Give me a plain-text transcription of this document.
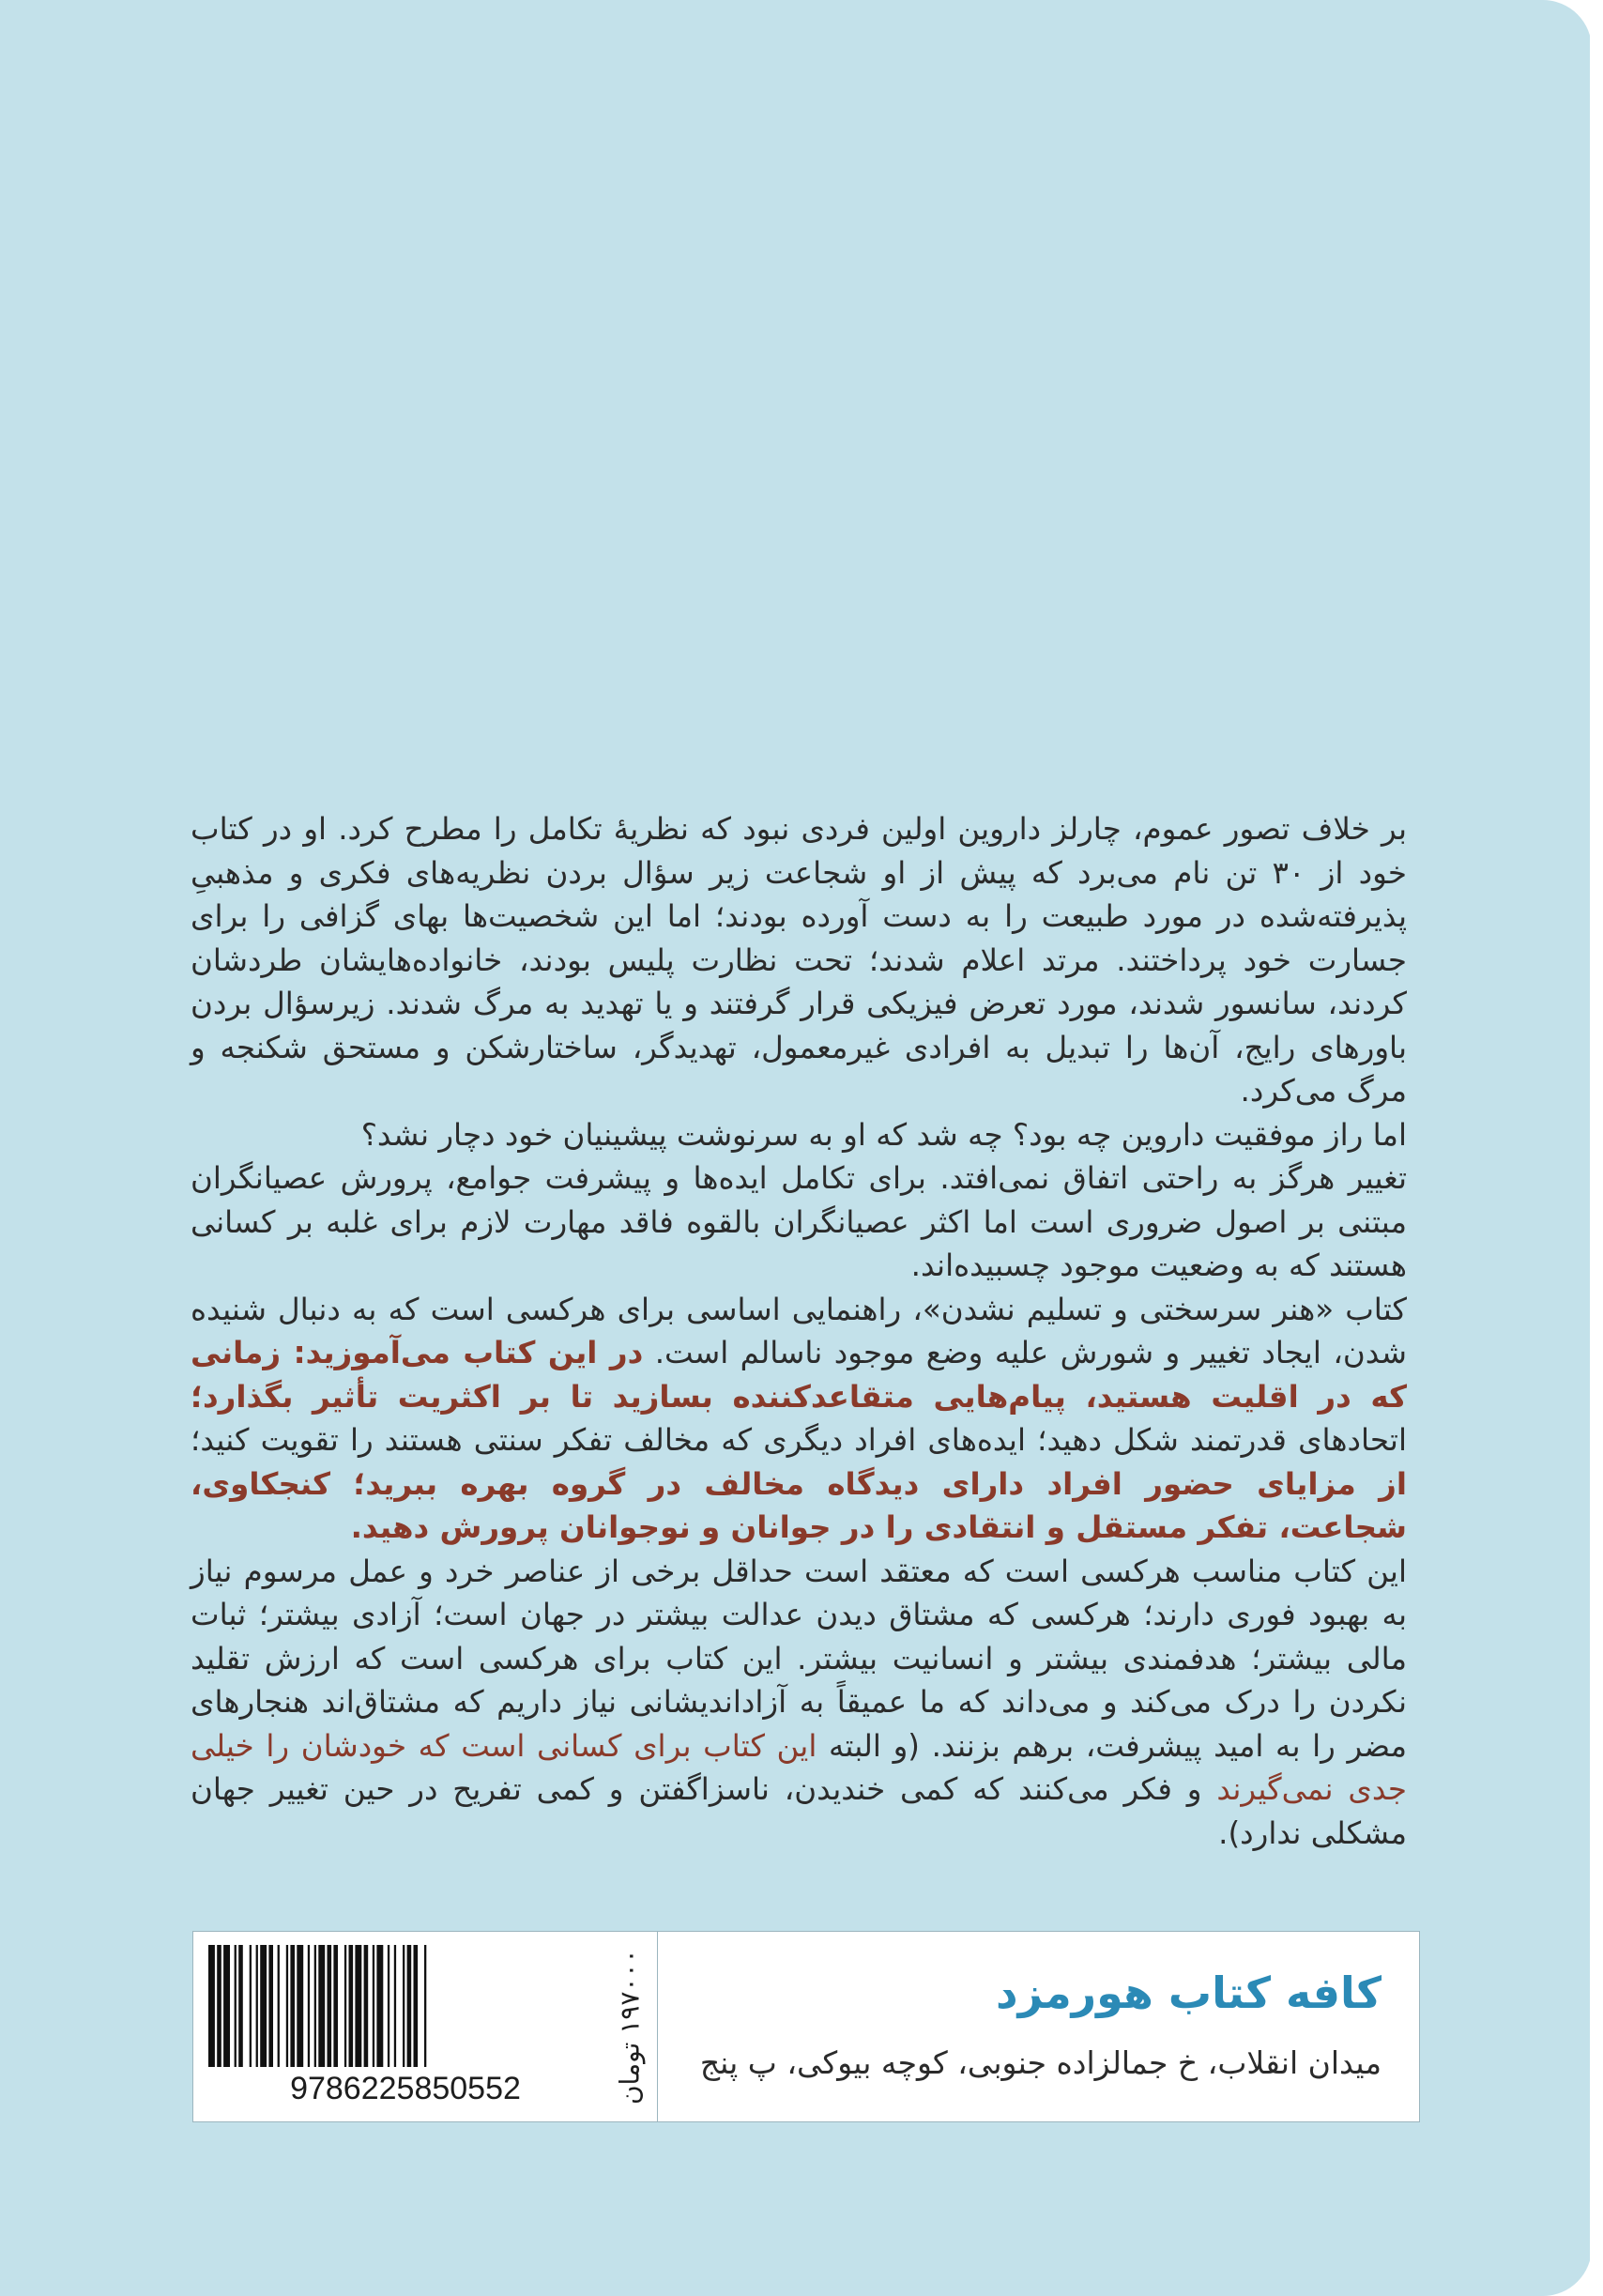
بر خلاف تصور عموم، چارلز داروین اولین فردی نبود که نظریهٔ تکامل را مطرح کرد. او در کتاب خود از ۳۰ تن نام می‌برد که پیش از او شجاعت زیر سؤال بردن نظریه‌های فکری و مذهبیِ پذیرفته‌شده در مورد طبیعت را به دست آورده بودند؛ اما این شخصیت‌ها بهای گزافی را برای جسارت خود پرداختند. مرتد اعلام شدند؛ تحت نظارت پلیس بودند، خانواده‌هایشان طردشان کردند، سانسور شدند، مورد تعرض فیزیکی قرار گرفتند و یا تهدید به مرگ شدند. زیرسؤال بردن باورهای رایج، آن‌ها را تبدیل به افرادی غیرمعمول، تهدیدگر، ساختارشکن و مستحق شکنجه و مرگ می‌کرد.

اما راز موفقیت داروین چه بود؟ چه شد که او به سرنوشت پیشینیان خود دچار نشد؟

تغییر هرگز به راحتی اتفاق نمی‌افتد. برای تکامل ایده‌ها و پیشرفت جوامع، پرورش عصیانگران مبتنی بر اصول ضروری است اما اکثر عصیانگران بالقوه فاقد مهارت لازم برای غلبه بر کسانی هستند که به وضعیت موجود چسبیده‌اند.

کتاب «هنر سرسختی و تسلیم نشدن»، راهنمایی اساسی برای هرکسی است که به دنبال شنیده شدن، ایجاد تغییر و شورش علیه وضع موجود ناسالم است. در این کتاب می‌آموزید: زمانی که در اقلیت هستید، پیام‌هایی متقاعدکننده بسازید تا بر اکثریت تأثیر بگذارد؛ اتحادهای قدرتمند شکل دهید؛ ایده‌های افراد دیگری که مخالف تفکر سنتی هستند را تقویت کنید؛ از مزایای حضور افراد دارای دیدگاه مخالف در گروه بهره ببرید؛ کنجکاوی، شجاعت، تفکر مستقل و انتقادی را در جوانان و نوجوانان پرورش دهید.

این کتاب مناسب هرکسی است که معتقد است حداقل برخی از عناصر خرد و عمل مرسوم نیاز به بهبود فوری دارند؛ هرکسی که مشتاق دیدن عدالت بیشتر در جهان است؛ آزادی بیشتر؛ ثبات مالی بیشتر؛ هدفمندی بیشتر و انسانیت بیشتر. این کتاب برای هرکسی است که ارزش تقلید نکردن را درک می‌کند و می‌داند که ما عمیقاً به آزاداندیشانی نیاز داریم که مشتاق‌اند هنجارهای مضر را به امید پیشرفت، برهم بزنند. (و البته این کتاب برای کسانی است که خودشان را خیلی جدی نمی‌گیرند و فکر می‌کنند که کمی خندیدن، ناسزاگفتن و کمی تفریح در حین تغییر جهان مشکلی ندارد).

کافه کتاب هورمزد
میدان انقلاب، خ جمالزاده جنوبی، کوچه بیوکی، پ پنج
9786225850552	۱۹۷۰۰۰ تومان
